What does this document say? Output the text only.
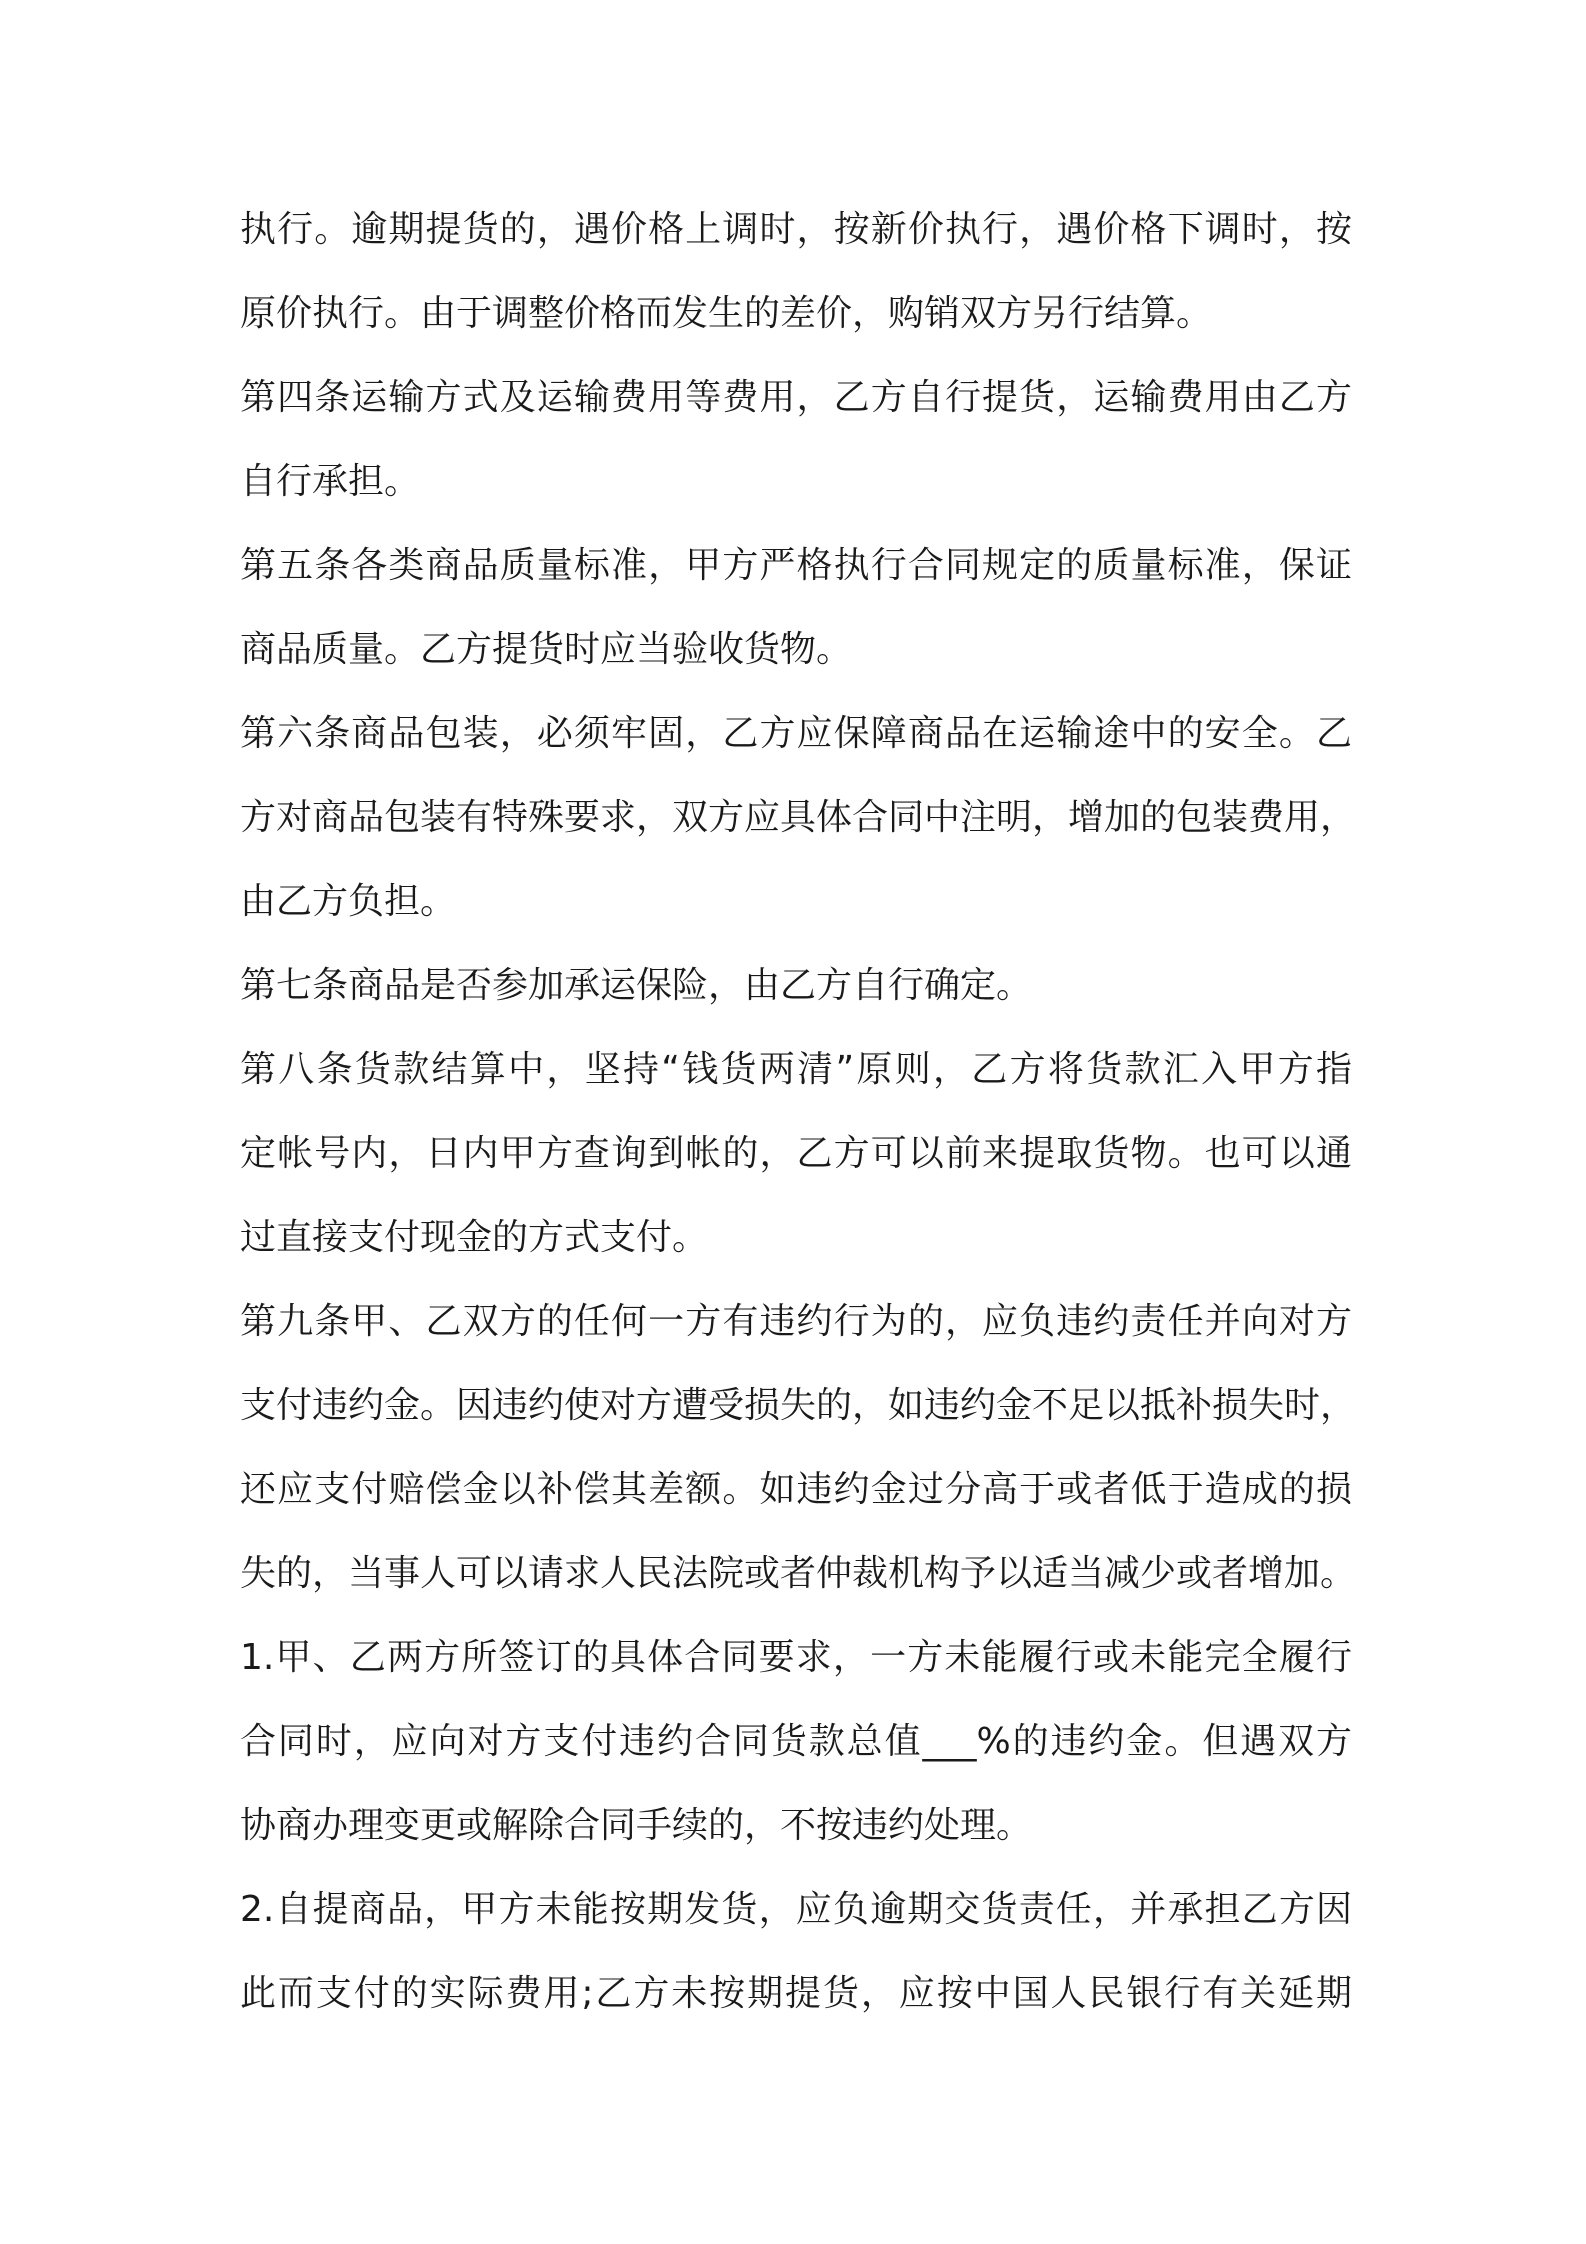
执行。逾期提货的，遇价格上调时，按新价执行，遇价格下调时，按
原价执行。由于调整价格而发生的差价，购销双方另行结算。
第四条运输方式及运输费用等费用，乙方自行提货，运输费用由乙方
自行承担。
第五条各类商品质量标准，甲方严格执行合同规定的质量标准，保证
商品质量。乙方提货时应当验收货物。
第六条商品包装，必须牢固，乙方应保障商品在运输途中的安全。乙
方对商品包装有特殊要求，双方应具体合同中注明，增加的包装费用，
由乙方负担。
第七条商品是否参加承运保险，由乙方自行确定。
第八条货款结算中，坚持“钱货两清”原则，乙方将货款汇入甲方指
定帐号内，日内甲方查询到帐的，乙方可以前来提取货物。也可以通
过直接支付现金的方式支付。
第九条甲、乙双方的任何一方有违约行为的，应负违约责任并向对方
支付违约金。因违约使对方遭受损失的，如违约金不足以抵补损失时，
还应支付赔偿金以补偿其差额。如违约金过分高于或者低于造成的损
失的，当事人可以请求人民法院或者仲裁机构予以适当减少或者增加。
1.甲、乙两方所签订的具体合同要求，一方未能履行或未能完全履行
合同时，应向对方支付违约合同货款总值___%的违约金。但遇双方
协商办理变更或解除合同手续的，不按违约处理。
2.自提商品，甲方未能按期发货，应负逾期交货责任，并承担乙方因
此而支付的实际费用;乙方未按期提货，应按中国人民银行有关延期
